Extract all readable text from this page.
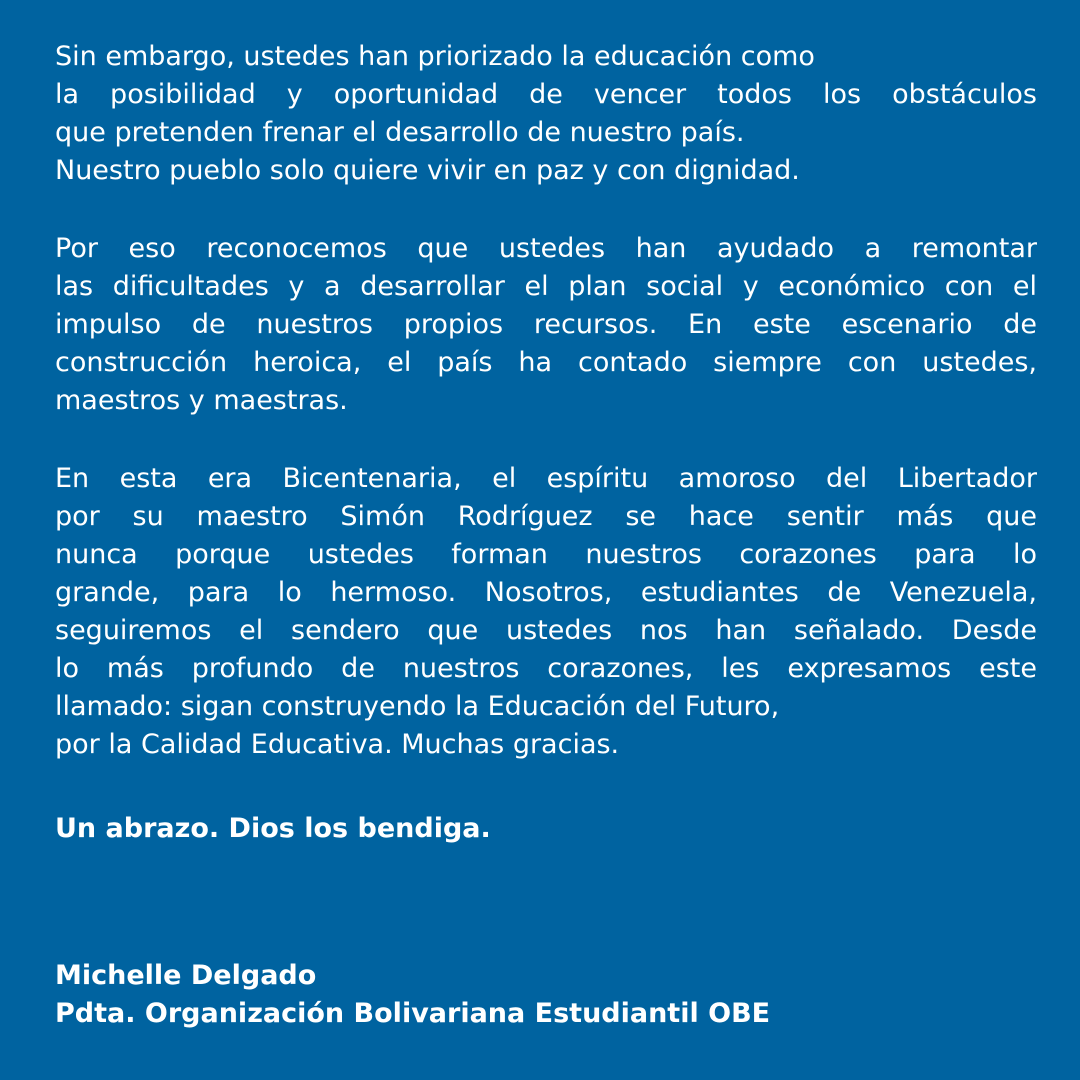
Sin embargo, ustedes han priorizado la educación como
la posibilidad y oportunidad de vencer todos los obstáculos
que pretenden frenar el desarrollo de nuestro país.
Nuestro pueblo solo quiere vivir en paz y con dignidad.
Por eso reconocemos que ustedes han ayudado a remontar
las dificultades y a desarrollar el plan social y económico con el
impulso de nuestros propios recursos. En este escenario de
construcción heroica, el país ha contado siempre con ustedes,
maestros y maestras.
En esta era Bicentenaria, el espíritu amoroso del Libertador
por su maestro Simón Rodríguez se hace sentir más que
nunca porque ustedes forman nuestros corazones para lo
grande, para lo hermoso. Nosotros, estudiantes de Venezuela,
seguiremos el sendero que ustedes nos han señalado. Desde
lo más profundo de nuestros corazones, les expresamos este
llamado: sigan construyendo la Educación del Futuro,
por la Calidad Educativa. Muchas gracias.
Un abrazo. Dios los bendiga.
Michelle Delgado
Pdta. Organización Bolivariana Estudiantil OBE
